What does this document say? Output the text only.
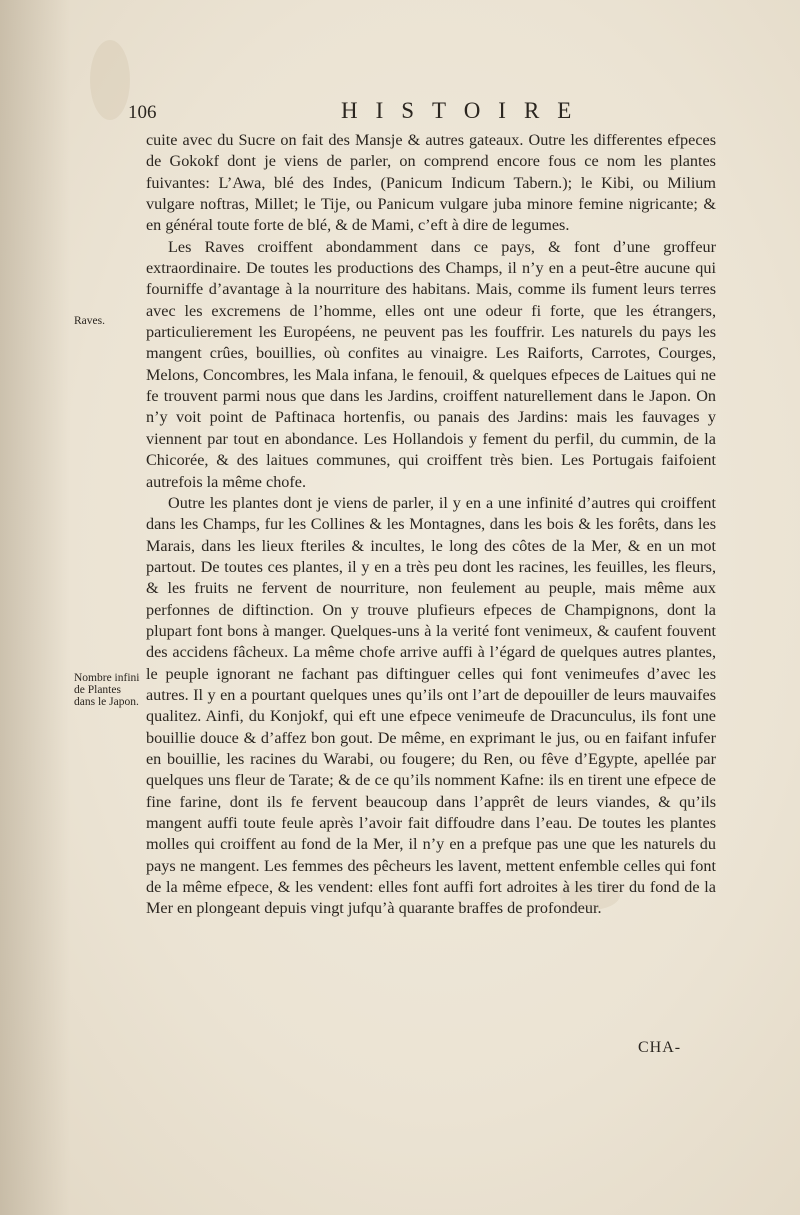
106	HISTOIRE
Raves.
Nombre infini de Plantes dans le Japon.

cuite avec du Sucre on fait des Mansje & autres gateaux. Outre les differentes efpeces de Gokokf dont je viens de parler, on comprend encore fous ce nom les plantes fuivantes: L’Awa, blé des Indes, (Panicum Indicum Tabern.); le Kibi, ou Milium vulgare noftras, Millet; le Tije, ou Panicum vulgare juba minore femine nigricante; & en général toute forte de blé, & de Mami, c’eft à dire de legumes.

Les Raves croiffent abondamment dans ce pays, & font d’une groffeur extraordinaire. De toutes les productions des Champs, il n’y en a peut-être aucune qui fourniffe d’avantage à la nourriture des habitans. Mais, comme ils fument leurs terres avec les excremens de l’homme, elles ont une odeur fi forte, que les étrangers, particulierement les Européens, ne peuvent pas les fouffrir. Les naturels du pays les mangent crûes, bouillies, où confites au vinaigre. Les Raiforts, Carrotes, Courges, Melons, Concombres, les Mala infana, le fenouil, & quelques efpeces de Laitues qui ne fe trouvent parmi nous que dans les Jardins, croiffent naturellement dans le Japon. On n’y voit point de Paftinaca hortenfis, ou panais des Jardins: mais les fauvages y viennent par tout en abondance. Les Hollandois y fement du perfil, du cummin, de la Chicorée, & des laitues communes, qui croiffent très bien. Les Portugais faifoient autrefois la même chofe.

Outre les plantes dont je viens de parler, il y en a une infinité d’autres qui croiffent dans les Champs, fur les Collines & les Montagnes, dans les bois & les forêts, dans les Marais, dans les lieux fteriles & incultes, le long des côtes de la Mer, & en un mot partout. De toutes ces plantes, il y en a très peu dont les racines, les feuilles, les fleurs, & les fruits ne fervent de nourriture, non feulement au peuple, mais même aux perfonnes de diftinction. On y trouve plufieurs efpeces de Champignons, dont la plupart font bons à manger. Quelques-uns à la verité font venimeux, & caufent fouvent des accidens fâcheux. La même chofe arrive auffi à l’égard de quelques autres plantes, le peuple ignorant ne fachant pas diftinguer celles qui font venimeufes d’avec les autres. Il y en a pourtant quelques unes qu’ils ont l’art de depouiller de leurs mauvaifes qualitez. Ainfi, du Konjokf, qui eft une efpece venimeufe de Dracunculus, ils font une bouillie douce & d’affez bon gout. De même, en exprimant le jus, ou en faifant infufer en bouillie, les racines du Warabi, ou fougere; du Ren, ou fêve d’Egypte, apellée par quelques uns fleur de Tarate; & de ce qu’ils nomment Kafne: ils en tirent une efpece de fine farine, dont ils fe fervent beaucoup dans l’apprêt de leurs viandes, & qu’ils mangent auffi toute feule après l’avoir fait diffoudre dans l’eau. De toutes les plantes molles qui croiffent au fond de la Mer, il n’y en a prefque pas une que les naturels du pays ne mangent. Les femmes des pêcheurs les lavent, mettent enfemble celles qui font de la même efpece, & les vendent: elles font auffi fort adroites à les tirer du fond de la Mer en plongeant depuis vingt jufqu’à quarante braffes de profondeur.

CHA-
